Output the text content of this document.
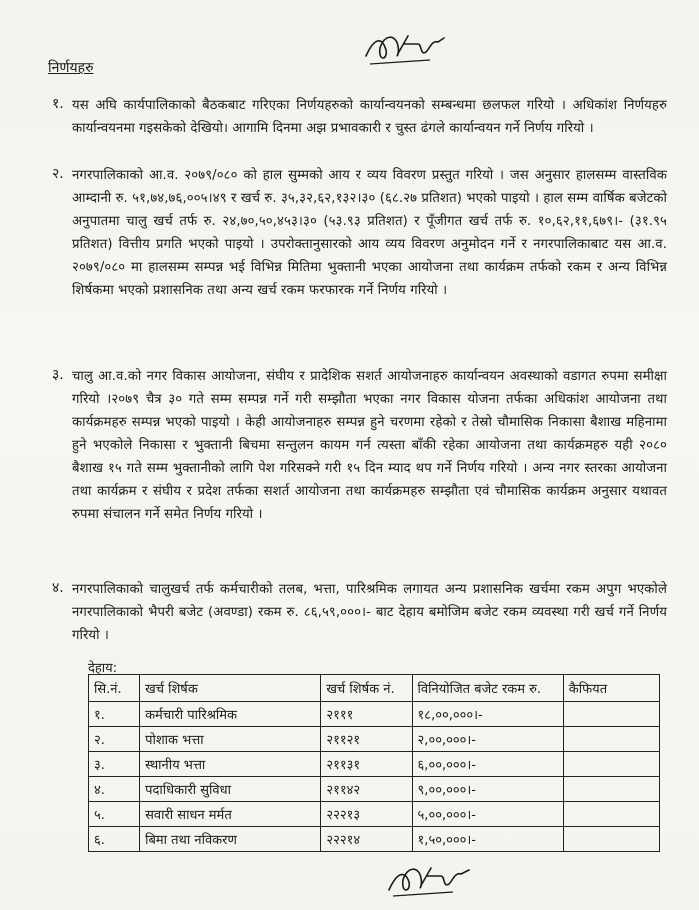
निर्णयहरु
१. यस अघि कार्यपालिकाको बैठकबाट गरिएका निर्णयहरुको कार्यान्वयनको सम्बन्धमा छलफल गरियो । अधिकांश निर्णयहरु कार्यान्वयनमा गइसकेको देखियो। आगामि दिनमा अझ प्रभावकारी र चुस्त ढंगले कार्यान्वयन गर्ने निर्णय गरियो ।
२. नगरपालिकाको आ.व. २०७९/०८० को हाल सुम्मको आय र व्यय विवरण प्रस्तुत गरियो । जस अनुसार हालसम्म वास्तविक आम्दानी रु. ५१,७४,७६,००५।४९ र खर्च रु. ३५,३२,६२,१३२।३० (६८.२७ प्रतिशत) भएको पाइयो । हाल सम्म वार्षिक बजेटको अनुपातमा चालु खर्च तर्फ रु. २४,७०,५०,४५३।३० (५३.९३ प्रतिशत) र पूँजीगत खर्च तर्फ रु. १०,६२,११,६७९।- (३१.९५ प्रतिशत) वित्तीय प्रगति भएको पाइयो । उपरोक्तानुसारको आय व्यय विवरण अनुमोदन गर्ने र नगरपालिकाबाट यस आ.व. २०७९/०८० मा हालसम्म सम्पन्न भई विभिन्न मितिमा भुक्तानी भएका आयोजना तथा कार्यक्रम तर्फको रकम र अन्य विभिन्न शिर्षकमा भएको प्रशासनिक तथा अन्य खर्च रकम फरफारक गर्ने निर्णय गरियो ।
३. चालु आ.व.को नगर विकास आयोजना, संघीय र प्रादेशिक सशर्त आयोजनाहरु कार्यान्वयन अवस्थाको वडागत रुपमा समीक्षा गरियो ।२०७९ चैत्र ३० गते सम्म सम्पन्न गर्ने गरी सम्झौता भएका नगर विकास योजना तर्फका अधिकांश आयोजना तथा कार्यक्रमहरु सम्पन्न भएको पाइयो । केही आयोजनाहरु सम्पन्न हुने चरणमा रहेको र तेस्रो चौमासिक निकासा बैशाख महिनामा हुने भएकोले निकासा र भुक्तानी बिचमा सन्तुलन कायम गर्न त्यस्ता बाँकी रहेका आयोजना तथा कार्यक्रमहरु यही २०८० बैशाख १५ गते सम्म भुक्तानीको लागि पेश गरिसक्ने गरी १५ दिन म्याद थप गर्ने निर्णय गरियो । अन्य नगर स्तरका आयोजना तथा कार्यक्रम र संघीय र प्रदेश तर्फका सशर्त आयोजना तथा कार्यक्रमहरु सम्झौता एवं चौमासिक कार्यक्रम अनुसार यथावत रुपमा संचालन गर्ने समेत निर्णय गरियो ।
४. नगरपालिकाको चालुखर्च तर्फ कर्मचारीको तलब, भत्ता, पारिश्रमिक लगायत अन्य प्रशासनिक खर्चमा रकम अपुग भएकोले नगरपालिकाको भैपरी बजेट (अवण्डा) रकम रु. ८६,५९,०००।- बाट देहाय बमोजिम बजेट रकम व्यवस्था गरी खर्च गर्ने निर्णय गरियो ।
देहाय:
सि.नं.	खर्च शिर्षक	खर्च शिर्षक नं.	विनियोजित बजेट रकम रु.	कैफियत
१.	कर्मचारी पारिश्रमिक	२१११	१८,००,०००।-	
२.	पोशाक भत्ता	२११२१	२,००,०००।-	
३.	स्थानीय भत्ता	२११३१	६,००,०००।-	
४.	पदाधिकारी सुविधा	२११४२	९,००,०००।-	
५.	सवारी साधन मर्मत	२२२१३	५,००,०००।-	
६.	बिमा तथा नविकरण	२२२१४	१,५०,०००।-	
